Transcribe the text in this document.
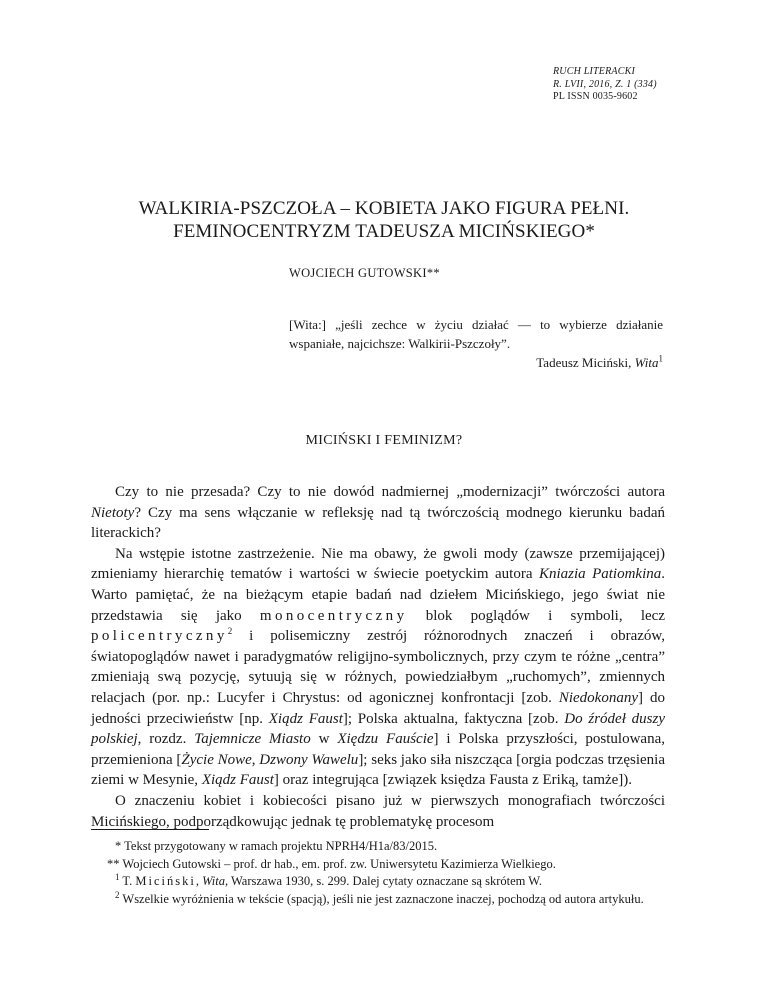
RUCH LITERACKI
R. LVII, 2016, Z. 1 (334)
PL ISSN 0035-9602
WALKIRIA-PSZCZOŁA – KOBIETA JAKO FIGURA PEŁNI.
FEMINOCENTRYZM TADEUSZA MICIŃSKIEGO*
WOJCIECH GUTOWSKI**
[Wita:] „jeśli zechce w życiu działać — to wybierze działanie wspaniałe, najcichsze: Walkirii-Pszczoły”.
Tadeusz Miciński, Wita$^1$
MICIŃSKI I FEMINIZM?

Czy to nie przesada? Czy to nie dowód nadmiernej „modernizacji” twórczości autora Nietoty? Czy ma sens włączanie w refleksję nad tą twórczością modnego kierunku badań literackich?

Na wstępie istotne zastrzeżenie. Nie ma obawy, że gwoli mody (zawsze przemijającej) zmieniamy hierarchię tematów i wartości w świecie poetyckim autora Kniazia Patiomkina. Warto pamiętać, że na bieżącym etapie badań nad dziełem Micińskiego, jego świat nie przedstawia się jako monocentryczny blok poglądów i symboli, lecz policentryczny$^2$ i polisemiczny zestrój różnorodnych znaczeń i obrazów, światopoglądów nawet i paradygmatów religijno-symbolicznych, przy czym te różne „centra” zmieniają swą pozycję, sytuują się w różnych, powiedziałbym „ruchomych”, zmiennych relacjach (por. np.: Lucyfer i Chrystus: od agonicznej konfrontacji [zob. Niedokonany] do jedności przeciwieństw [np. Xiądz Faust]; Polska aktualna, faktyczna [zob. Do źródeł duszy polskiej, rozdz. Tajemnicze Miasto w Xiędzu Fauście] i Polska przyszłości, postulowana, przemieniona [Życie Nowe, Dzwony Wawelu]; seks jako siła niszcząca [orgia podczas trzęsienia ziemi w Mesynie, Xiądz Faust] oraz integrująca [związek księdza Fausta z Eriką, tamże]).

O znaczeniu kobiet i kobiecości pisano już w pierwszych monografiach twórczości Micińskiego, podporządkowując jednak tę problematykę procesom

* Tekst przygotowany w ramach projektu NPRH4/H1a/83/2015.

** Wojciech Gutowski – prof. dr hab., em. prof. zw. Uniwersytetu Kazimierza Wielkiego.

$^1$ T. Miciński, Wita, Warszawa 1930, s. 299. Dalej cytaty oznaczane są skrótem W.

$^2$ Wszelkie wyróżnienia w tekście (spacją), jeśli nie jest zaznaczone inaczej, pochodzą od autora artykułu.
